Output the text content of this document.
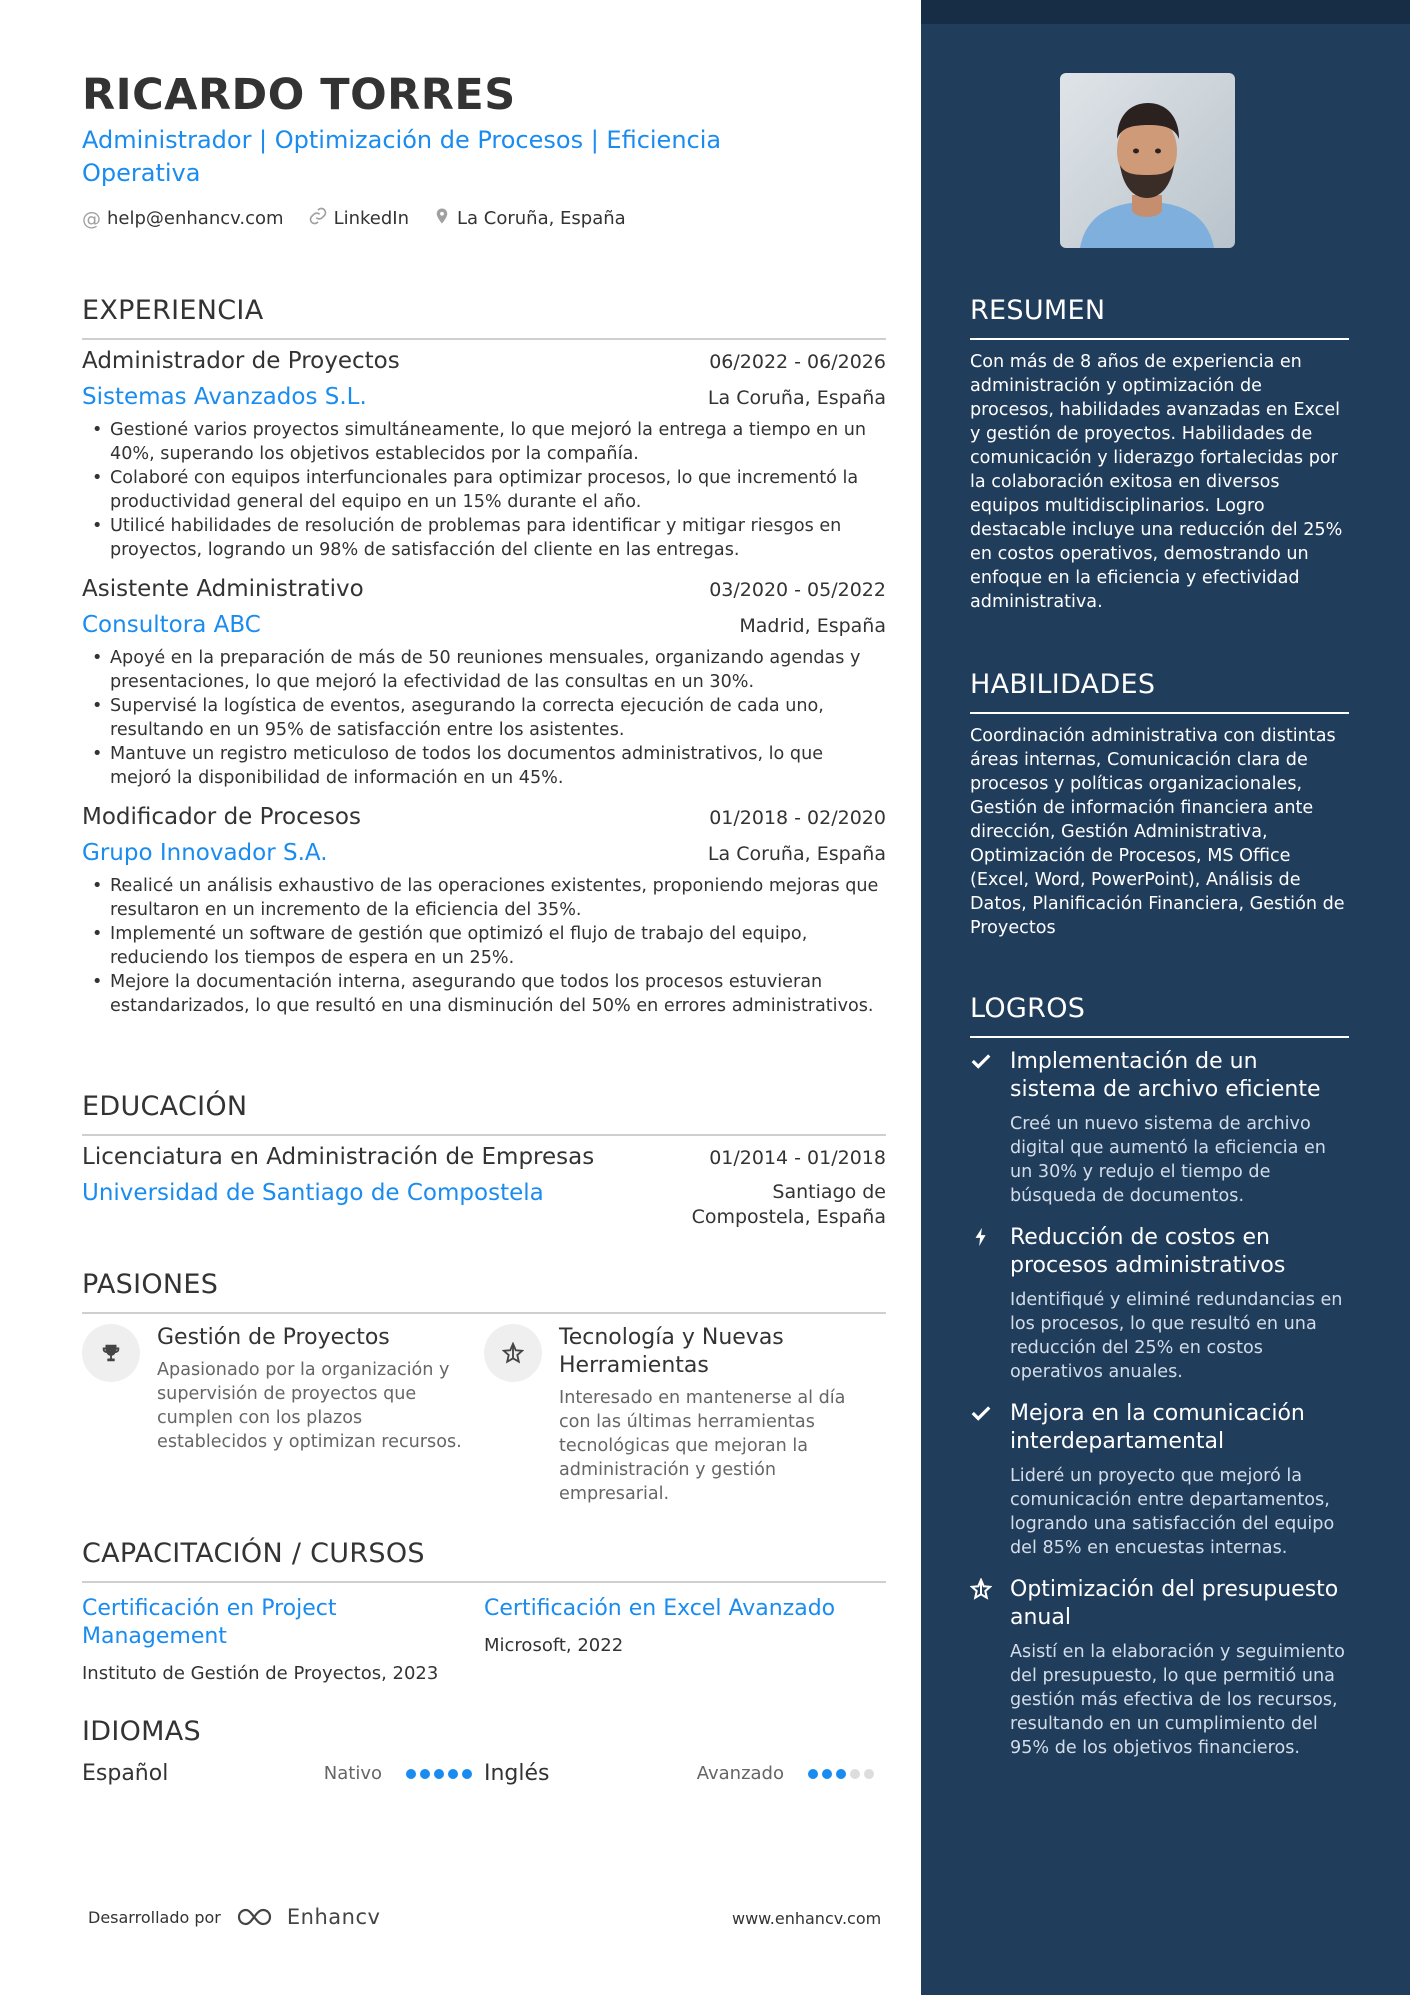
RICARDO TORRES
Administrador | Optimización de Procesos | Eficiencia Operativa
@ help@enhancv.com	LinkedIn	La Coruña, España
EXPERIENCIA
Administrador de Proyectos	06/2022 - 06/2026
Sistemas Avanzados S.L.	La Coruña, España
• Gestioné varios proyectos simultáneamente, lo que mejoró la entrega a tiempo en un 40%, superando los objetivos establecidos por la compañía.
• Colaboré con equipos interfuncionales para optimizar procesos, lo que incrementó la productividad general del equipo en un 15% durante el año.
• Utilicé habilidades de resolución de problemas para identificar y mitigar riesgos en proyectos, logrando un 98% de satisfacción del cliente en las entregas.
Asistente Administrativo	03/2020 - 05/2022
Consultora ABC	Madrid, España
• Apoyé en la preparación de más de 50 reuniones mensuales, organizando agendas y presentaciones, lo que mejoró la efectividad de las consultas en un 30%.
• Supervisé la logística de eventos, asegurando la correcta ejecución de cada uno, resultando en un 95% de satisfacción entre los asistentes.
• Mantuve un registro meticuloso de todos los documentos administrativos, lo que mejoró la disponibilidad de información en un 45%.
Modificador de Procesos	01/2018 - 02/2020
Grupo Innovador S.A.	La Coruña, España
• Realicé un análisis exhaustivo de las operaciones existentes, proponiendo mejoras que resultaron en un incremento de la eficiencia del 35%.
• Implementé un software de gestión que optimizó el flujo de trabajo del equipo, reduciendo los tiempos de espera en un 25%.
• Mejore la documentación interna, asegurando que todos los procesos estuvieran estandarizados, lo que resultó en una disminución del 50% en errores administrativos.
EDUCACIÓN
Licenciatura en Administración de Empresas	01/2014 - 01/2018
Universidad de Santiago de Compostela	Santiago de
Compostela, España
PASIONES
Gestión de Proyectos
Apasionado por la organización y supervisión de proyectos que cumplen con los plazos establecidos y optimizan recursos.
Tecnología y Nuevas Herramientas
Interesado en mantenerse al día con las últimas herramientas tecnológicas que mejoran la administración y gestión empresarial.
CAPACITACIÓN / CURSOS
Certificación en Project Management
Instituto de Gestión de Proyectos, 2023
Certificación en Excel Avanzado
Microsoft, 2022
IDIOMAS
Español	Nativo	Inglés	Avanzado
Desarrollado por	Enhancv	www.enhancv.com
RESUMEN
Con más de 8 años de experiencia en administración y optimización de procesos, habilidades avanzadas en Excel y gestión de proyectos. Habilidades de comunicación y liderazgo fortalecidas por la colaboración exitosa en diversos equipos multidisciplinarios. Logro destacable incluye una reducción del 25% en costos operativos, demostrando un enfoque en la eficiencia y efectividad administrativa.
HABILIDADES
Coordinación administrativa con distintas áreas internas, Comunicación clara de procesos y políticas organizacionales, Gestión de información financiera ante dirección, Gestión Administrativa, Optimización de Procesos, MS Office (Excel, Word, PowerPoint), Análisis de Datos, Planificación Financiera, Gestión de Proyectos
LOGROS
Implementación de un sistema de archivo eficiente
Creé un nuevo sistema de archivo digital que aumentó la eficiencia en un 30% y redujo el tiempo de búsqueda de documentos.
Reducción de costos en procesos administrativos
Identifiqué y eliminé redundancias en los procesos, lo que resultó en una reducción del 25% en costos operativos anuales.
Mejora en la comunicación interdepartamental
Lideré un proyecto que mejoró la comunicación entre departamentos, logrando una satisfacción del equipo del 85% en encuestas internas.
Optimización del presupuesto anual
Asistí en la elaboración y seguimiento del presupuesto, lo que permitió una gestión más efectiva de los recursos, resultando en un cumplimiento del 95% de los objetivos financieros.
